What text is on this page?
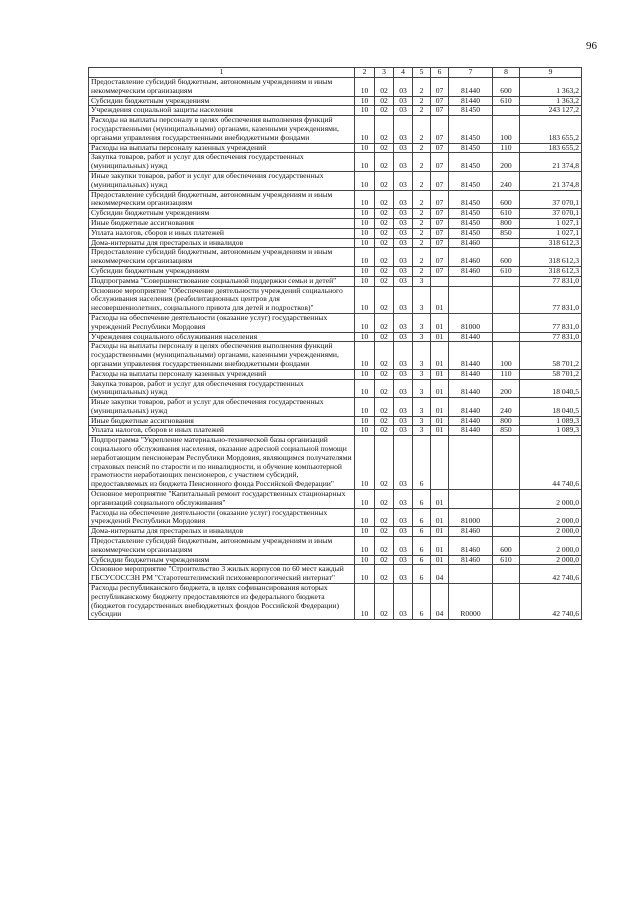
96
1	2	3	4	5	6	7	8	9
Предоставление субсидий бюджетным, автономным учреждениям и иным некоммерческим организациям	10	02	03	2	07	81440	600	1 363,2
Субсидии бюджетным учреждениям	10	02	03	2	07	81440	610	1 363,2
Учреждения социальной защиты населения	10	02	03	2	07	81450		243 127,2
Расходы на выплаты персоналу в целях обеспечения выполнения функций государственными (муниципальными) органами, казенными учреждениями, органами управления государственными внебюджетными фондами	10	02	03	2	07	81450	100	183 655,2
Расходы на выплаты персоналу казенных учреждений	10	02	03	2	07	81450	110	183 655,2
Закупка товаров, работ и услуг для обеспечения государственных (муниципальных) нужд	10	02	03	2	07	81450	200	21 374,8
Иные закупки товаров, работ и услуг для обеспечения государственных (муниципальных) нужд	10	02	03	2	07	81450	240	21 374,8
Предоставление субсидий бюджетным, автономным учреждениям и иным некоммерческим организациям	10	02	03	2	07	81450	600	37 070,1
Субсидии бюджетным учреждениям	10	02	03	2	07	81450	610	37 070,1
Иные бюджетные ассигнования	10	02	03	2	07	81450	800	1 027,1
Уплата налогов, сборов и иных платежей	10	02	03	2	07	81450	850	1 027,1
Дома-интернаты для престарелых и инвалидов	10	02	03	2	07	81460		318 612,3
Предоставление субсидий бюджетным, автономным учреждениям и иным некоммерческим организациям	10	02	03	2	07	81460	600	318 612,3
Субсидии бюджетным учреждениям	10	02	03	2	07	81460	610	318 612,3
Подпрограмма "Совершенствование социальной поддержки семьи и детей"	10	02	03	3				77 831,0
Основное мероприятие "Обеспечение деятельности учреждений социального обслуживания населения (реабилитационных центров для несовершеннолетних, социального приюта для детей и подростков)"	10	02	03	3	01			77 831,0
Расходы на обеспечение деятельности (оказание услуг) государственных учреждений Республики Мордовия	10	02	03	3	01	81000		77 831,0
Учреждения социального обслуживания населения	10	02	03	3	01	81440		77 831,0
Расходы на выплаты персоналу в целях обеспечения выполнения функций государственными (муниципальными) органами, казенными учреждениями, органами управления государственными внебюджетными фондами	10	02	03	3	01	81440	100	58 701,2
Расходы на выплаты персоналу казенных учреждений	10	02	03	3	01	81440	110	58 701,2
Закупка товаров, работ и услуг для обеспечения государственных (муниципальных) нужд	10	02	03	3	01	81440	200	18 040,5
Иные закупки товаров, работ и услуг для обеспечения государственных (муниципальных) нужд	10	02	03	3	01	81440	240	18 040,5
Иные бюджетные ассигнования	10	02	03	3	01	81440	800	1 089,3
Уплата налогов, сборов и иных платежей	10	02	03	3	01	81440	850	1 089,3
Подпрограмма "Укрепление материально-технической базы организаций социального обслуживания населения, оказание адресной социальной помощи неработающим пенсионерам Республики Мордовия, являющимся получателями страховых пенсий по старости и по инвалидности, и обучение компьютерной грамотности неработающих пенсионеров, с участием субсидий, предоставляемых из бюджета Пенсионного фонда Российской Федерации"	10	02	03	6				44 740,6
Основное мероприятие "Капитальный ремонт государственных стационарных организаций социального обслуживания"	10	02	03	6	01			2 000,0
Расходы на обеспечение деятельности (оказание услуг) государственных учреждений Республики Мордовия	10	02	03	6	01	81000		2 000,0
Дома-интернаты для престарелых и инвалидов	10	02	03	6	01	81460		2 000,0
Предоставление субсидий бюджетным, автономным учреждениям и иным некоммерческим организациям	10	02	03	6	01	81460	600	2 000,0
Субсидии бюджетным учреждениям	10	02	03	6	01	81460	610	2 000,0
Основное мероприятие "Строительство 3 жилых корпусов по 60 мест каждый ГБСУСОССЗН РМ "Старотештелимский психоневрологический интернат"	10	02	03	6	04			42 740,6
Расходы республиканского бюджета, в целях софинансирования которых республиканскому бюджету предоставляются из федерального бюджета (бюджетов государственных внебюджетных фондов Российской Федерации) субсидии	10	02	03	6	04	R0000		42 740,6
